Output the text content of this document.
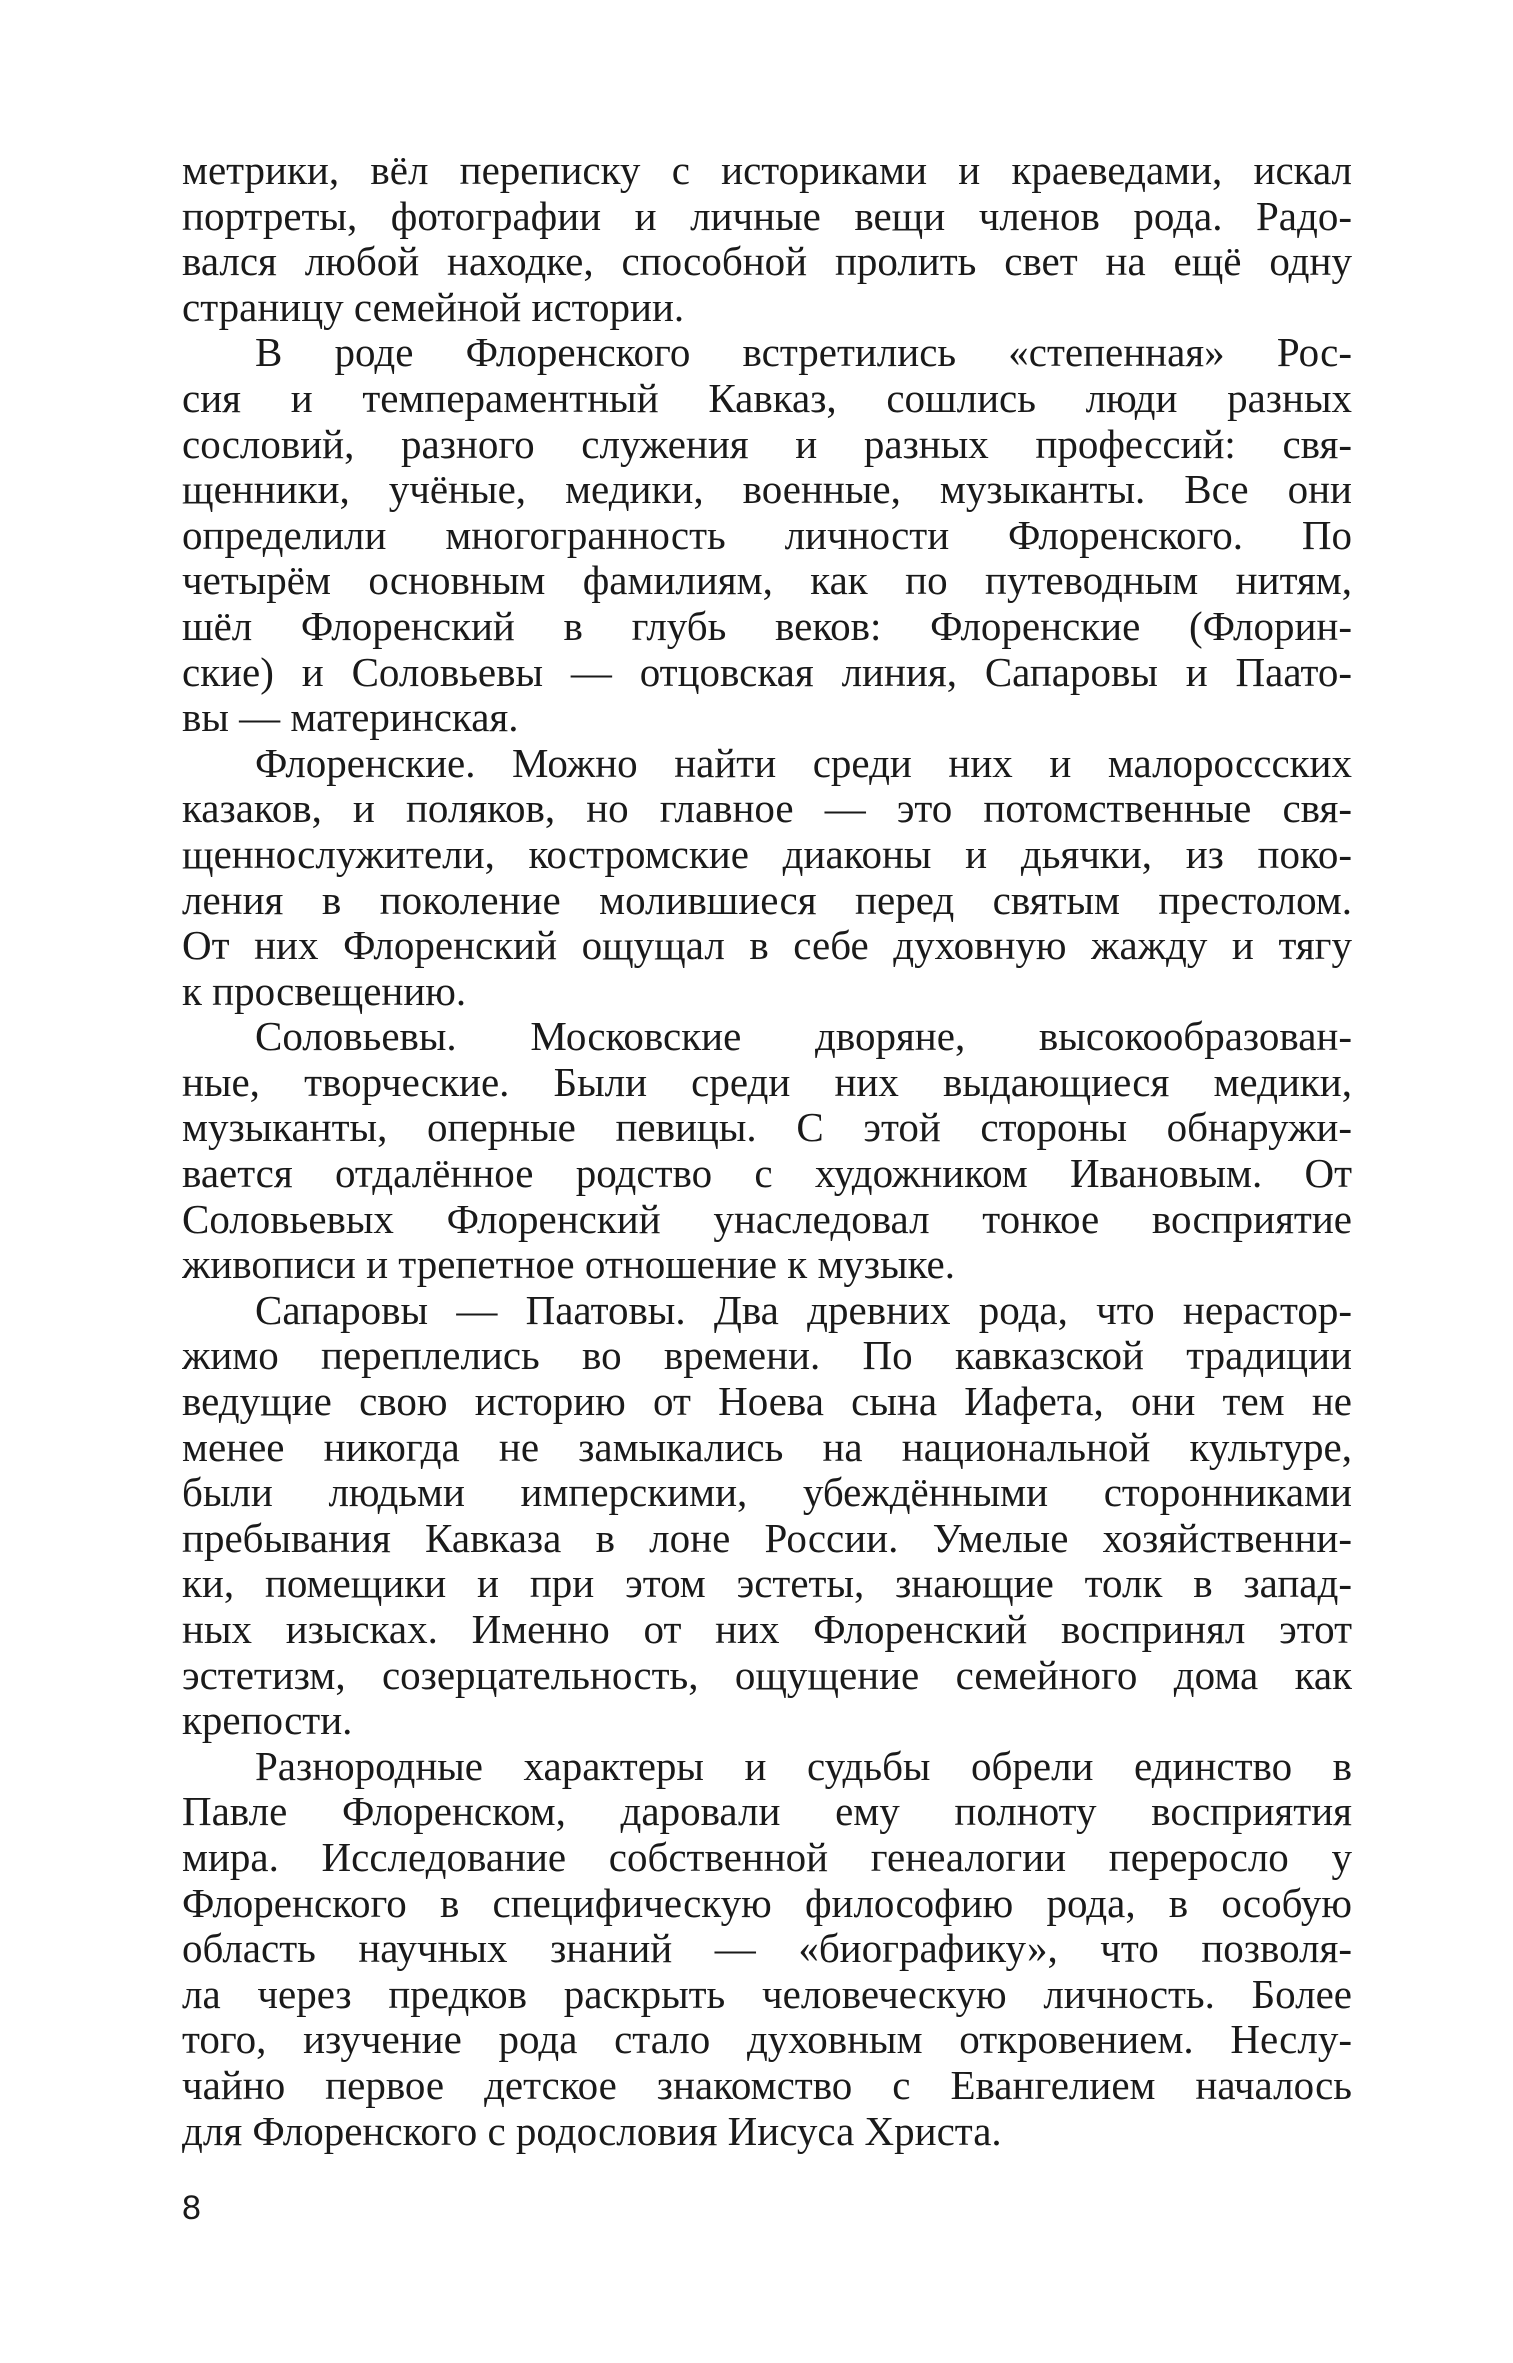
метрики, вёл переписку с историками и краеведами, искал
портреты, фотографии и личные вещи членов рода. Радо-
вался любой находке, способной пролить свет на ещё одну
страницу семейной истории.
В роде Флоренского встретились «степенная» Рос-
сия и темпераментный Кавказ, сошлись люди разных
сословий, разного служения и разных профессий: свя-
щенники, учёные, медики, военные, музыканты. Все они
определили многогранность личности Флоренского. По
четырём основным фамилиям, как по путеводным нитям,
шёл Флоренский в глубь веков: Флоренские (Флорин-
ские) и Соловьевы — отцовская линия, Сапаровы и Паато-
вы — материнская.
Флоренские. Можно найти среди них и малороссских
казаков, и поляков, но главное — это потомственные свя-
щеннослужители, костромские диаконы и дьячки, из поко-
ления в поколение молившиеся перед святым престолом.
От них Флоренский ощущал в себе духовную жажду и тягу
к просвещению.
Соловьевы. Московские дворяне, высокообразован-
ные, творческие. Были среди них выдающиеся медики,
музыканты, оперные певицы. С этой стороны обнаружи-
вается отдалённое родство с художником Ивановым. От
Соловьевых Флоренский унаследовал тонкое восприятие
живописи и трепетное отношение к музыке.
Сапаровы — Паатовы. Два древних рода, что нерастор-
жимо переплелись во времени. По кавказской традиции
ведущие свою историю от Ноева сына Иафета, они тем не
менее никогда не замыкались на национальной культуре,
были людьми имперскими, убеждёнными сторонниками
пребывания Кавказа в лоне России. Умелые хозяйственни-
ки, помещики и при этом эстеты, знающие толк в запад-
ных изысках. Именно от них Флоренский воспринял этот
эстетизм, созерцательность, ощущение семейного дома как
крепости.
Разнородные характеры и судьбы обрели единство в
Павле Флоренском, даровали ему полноту восприятия
мира. Исследование собственной генеалогии переросло у
Флоренского в специфическую философию рода, в особую
область научных знаний — «биографику», что позволя-
ла через предков раскрыть человеческую личность. Более
того, изучение рода стало духовным откровением. Неслу-
чайно первое детское знакомство с Евангелием началось
для Флоренского с родословия Иисуса Христа.
8
